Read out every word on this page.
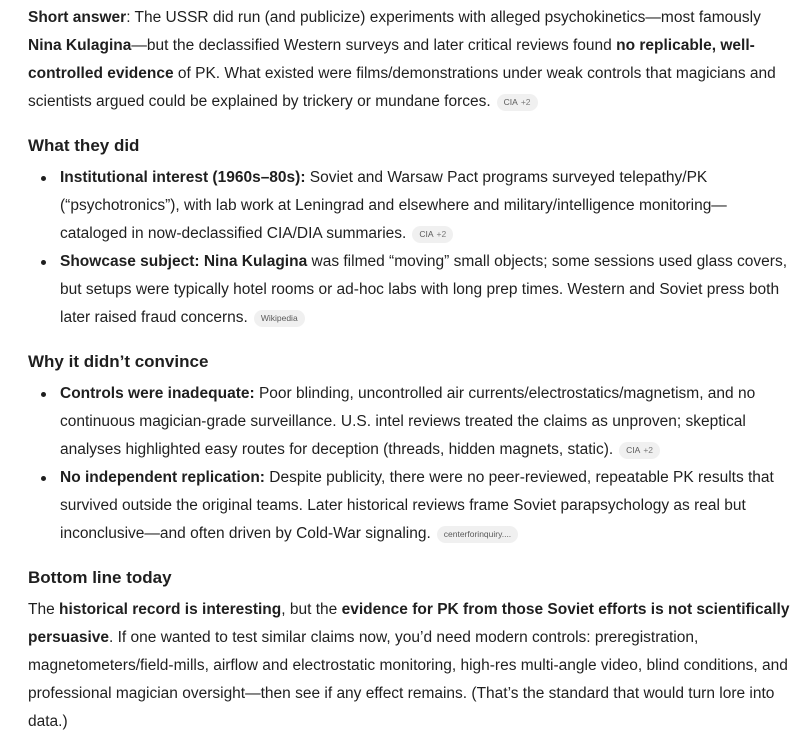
Short answer: The USSR did run (and publicize) experiments with alleged psychokinetics—most famously Nina Kulagina—but the declassified Western surveys and later critical reviews found no replicable, well-controlled evidence of PK. What existed were films/demonstrations under weak controls that magicians and scientists argued could be explained by trickery or mundane forces. CIA +2

What they did
Institutional interest (1960s–80s): Soviet and Warsaw Pact programs surveyed telepathy/PK (“psychotronics”), with lab work at Leningrad and elsewhere and military/intelligence monitoring—cataloged in now-declassified CIA/DIA summaries. CIA +2
Showcase subject: Nina Kulagina was filmed “moving” small objects; some sessions used glass covers, but setups were typically hotel rooms or ad-hoc labs with long prep times. Western and Soviet press both later raised fraud concerns. Wikipedia
Why it didn’t convince
Controls were inadequate: Poor blinding, uncontrolled air currents/electrostatics/magnetism, and no continuous magician-grade surveillance. U.S. intel reviews treated the claims as unproven; skeptical analyses highlighted easy routes for deception (threads, hidden magnets, static). CIA +2
No independent replication: Despite publicity, there were no peer-reviewed, repeatable PK results that survived outside the original teams. Later historical reviews frame Soviet parapsychology as real but inconclusive—and often driven by Cold-War signaling. centerforinquiry....
Bottom line today

The historical record is interesting, but the evidence for PK from those Soviet efforts is not scientifically persuasive. If one wanted to test similar claims now, you’d need modern controls: preregistration, magnetometers/field-mills, airflow and electrostatic monitoring, high-res multi-angle video, blind conditions, and professional magician oversight—then see if any effect remains. (That’s the standard that would turn lore into data.)
